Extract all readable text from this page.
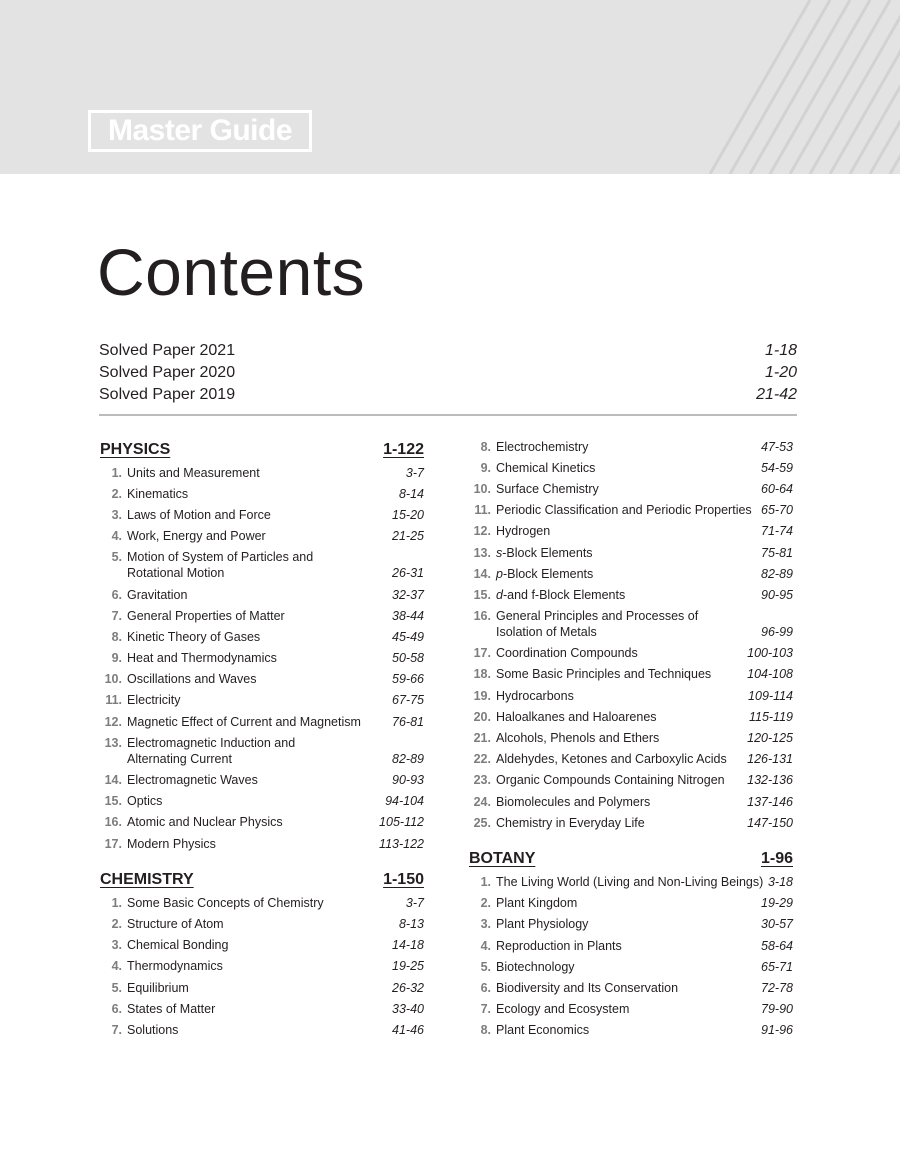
Master Guide
Contents
Solved Paper 2021	1-18
Solved Paper 2020	1-20
Solved Paper 2019	21-42
PHYSICS	1-122
1. Units and Measurement	3-7
2. Kinematics	8-14
3. Laws of Motion and Force	15-20
4. Work, Energy and Power	21-25
5. Motion of System of Particles and
Rotational Motion	26-31
6. Gravitation	32-37
7. General Properties of Matter	38-44
8. Kinetic Theory of Gases	45-49
9. Heat and Thermodynamics	50-58
10. Oscillations and Waves	59-66
11. Electricity	67-75
12. Magnetic Effect of Current and Magnetism	76-81
13. Electromagnetic Induction and
Alternating Current	82-89
14. Electromagnetic Waves	90-93
15. Optics	94-104
16. Atomic and Nuclear Physics	105-112
17. Modern Physics	113-122
CHEMISTRY	1-150
1. Some Basic Concepts of Chemistry	3-7
2. Structure of Atom	8-13
3. Chemical Bonding	14-18
4. Thermodynamics	19-25
5. Equilibrium	26-32
6. States of Matter	33-40
7. Solutions	41-46
8. Electrochemistry	47-53
9. Chemical Kinetics	54-59
10. Surface Chemistry	60-64
11. Periodic Classification and Periodic Properties 65-70
12. Hydrogen	71-74
13. s-Block Elements	75-81
14. p-Block Elements	82-89
15. d-and f-Block Elements	90-95
16. General Principles and Processes of
Isolation of Metals	96-99
17. Coordination Compounds	100-103
18. Some Basic Principles and Techniques	104-108
19. Hydrocarbons	109-114
20. Haloalkanes and Haloarenes	115-119
21. Alcohols, Phenols and Ethers	120-125
22. Aldehydes, Ketones and Carboxylic Acids	126-131
23. Organic Compounds Containing Nitrogen	132-136
24. Biomolecules and Polymers	137-146
25. Chemistry in Everyday Life	147-150
BOTANY	1-96
1. The Living World (Living and Non-Living Beings) 3-18
2. Plant Kingdom	19-29
3. Plant Physiology	30-57
4. Reproduction in Plants	58-64
5. Biotechnology	65-71
6. Biodiversity and Its Conservation	72-78
7. Ecology and Ecosystem	79-90
8. Plant Economics	91-96
